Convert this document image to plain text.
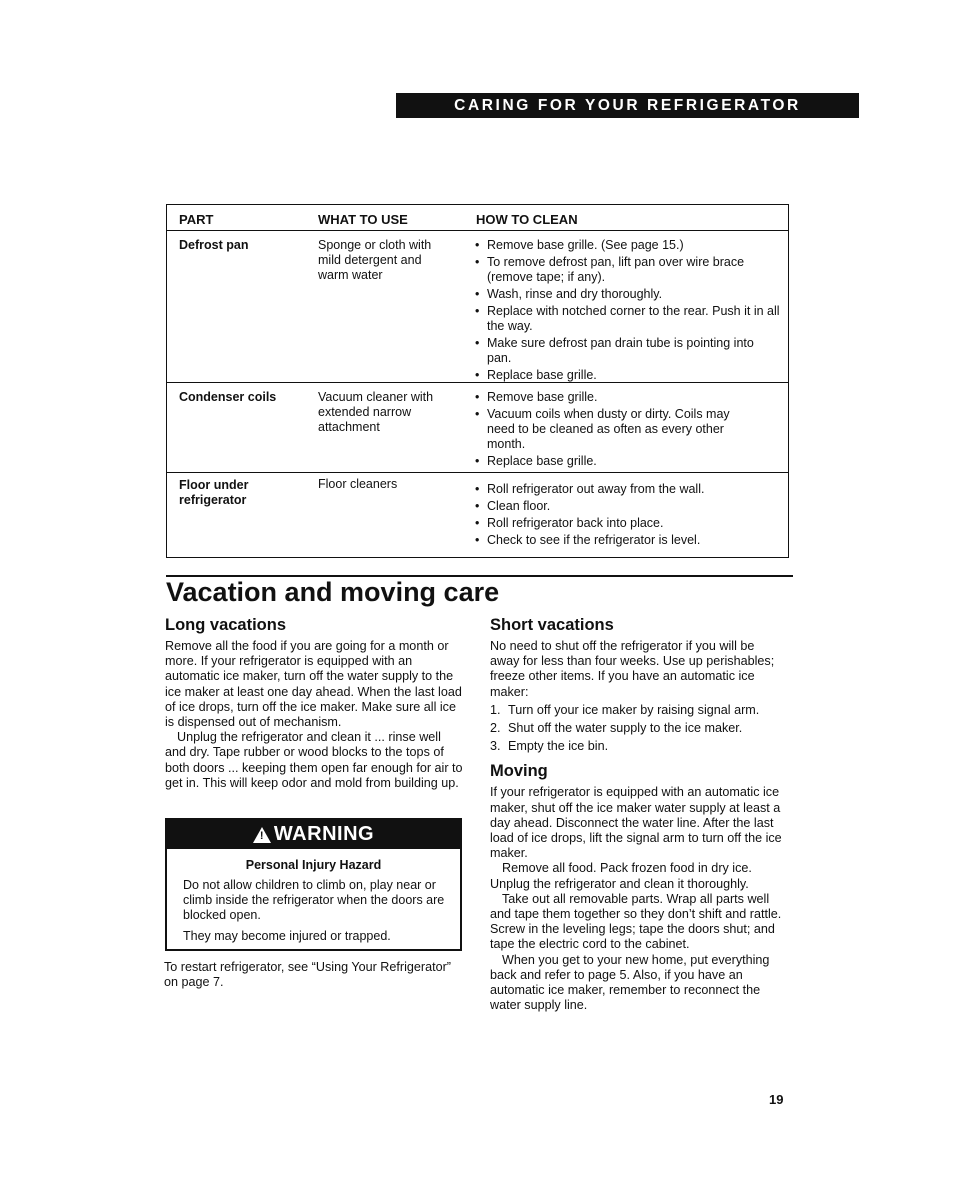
CARING FOR YOUR REFRIGERATOR
PART	WHAT TO USE	HOW TO CLEAN
Defrost pan	Sponge or cloth with mild detergent and warm water
• Remove base grille. (See page 15.)
• To remove defrost pan, lift pan over wire brace (remove tape; if any).
• Wash, rinse and dry thoroughly.
• Replace with notched corner to the rear. Push it in all the way.
• Make sure defrost pan drain tube is pointing into pan.
• Replace base grille.
Condenser coils	Vacuum cleaner with extended narrow attachment
• Remove base grille.
• Vacuum coils when dusty or dirty. Coils may need to be cleaned as often as every other month.
• Replace base grille.
Floor under refrigerator
Floor cleaners
•	Roll refrigerator out away from the wall.
• Clean floor.
• Roll refrigerator back into place.
• Check to see if the refrigerator is level.
Vacation and moving care
Long vacations

Remove all the food if you are going for a month or more. If your refrigerator is equipped with an automatic ice maker, turn off the water supply to the ice maker at least one day ahead. When the last load of ice drops, turn off the ice maker. Make sure all ice is dispensed out of mechanism.

Unplug the refrigerator and clean it ... rinse well and dry. Tape rubber or wood blocks to the tops of both doors ... keeping them open far enough for air to get in. This will keep odor and mold from building up.

! WARNING
Personal Injury Hazard

Do not allow children to climb on, play near or climb inside the refrigerator when the doors are blocked open.

They may become injured or trapped.

To restart refrigerator, see “Using Your Refrigerator” on page 7.
Short vacations

No need to shut off the refrigerator if you will be away for less than four weeks. Use up perishables; freeze other items. If you have an automatic ice maker:

1. Turn off your ice maker by raising signal arm.
2. Shut off the water supply to the ice maker.
3. Empty the ice bin.
Moving

If your refrigerator is equipped with an automatic ice maker, shut off the ice maker water supply at least a day ahead. Disconnect the water line. After the last load of ice drops, lift the signal arm to turn off the ice maker.

Remove all food. Pack frozen food in dry ice.

Unplug the refrigerator and clean it thoroughly.

Take out all removable parts. Wrap all parts well and tape them together so they don’t shift and rattle. Screw in the leveling legs; tape the doors shut; and tape the electric cord to the cabinet.

When you get to your new home, put everything back and refer to page 5. Also, if you have an automatic ice maker, remember to reconnect the water supply line.

19
